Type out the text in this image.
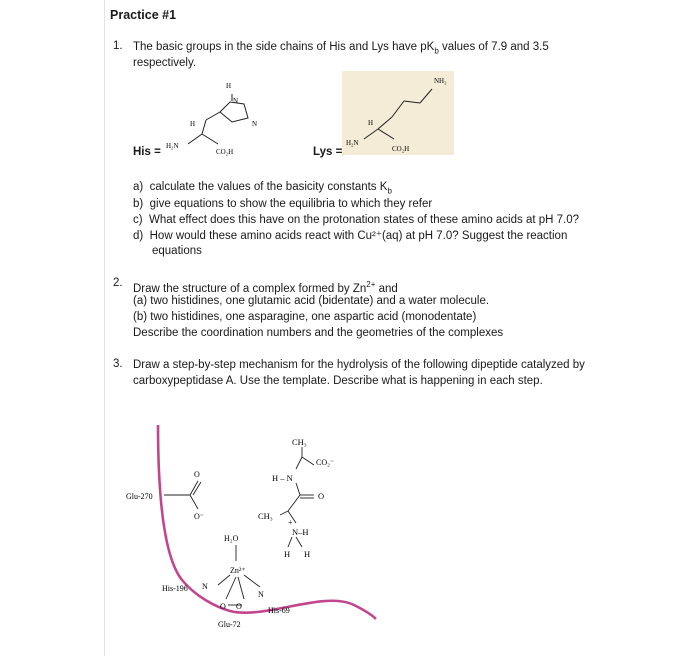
Practice #1
1. The basic groups in the side chains of His and Lys have $pK_b$ values of 7.9 and 3.5
respectively.
His = H₂N
CO₂H
H
H
N
N
Lys =
H₂N
CO₂H
H
NH₂
a) calculate the values of the basicity constants $K_b$
b) give equations to show the equilibria to which they refer
c) What effect does this have on the protonation states of these amino acids at pH 7.0?
d) How would these amino acids react with Cu²⁺(aq) at pH 7.0? Suggest the reaction
equations
2. Draw the structure of a complex formed by $Zn^{2+}$ and
(a) two histidines, one glutamic acid (bidentate) and a water molecule.
(b) two histidines, one asparagine, one aspartic acid (monodentate)
Describe the coordination numbers and the geometries of the complexes
3. Draw a step-by-step mechanism for the hydrolysis of the following dipeptide catalyzed by
carboxypeptidase A. Use the template. Describe what is happening in each step.
Glu-270
O
O⁻
H₂O
Zn²⁺
His-196 N
O O
Glu-72
N
His-69
CH₃
CO₂⁻
H – N
O
CH₃
+
N–H
H H
